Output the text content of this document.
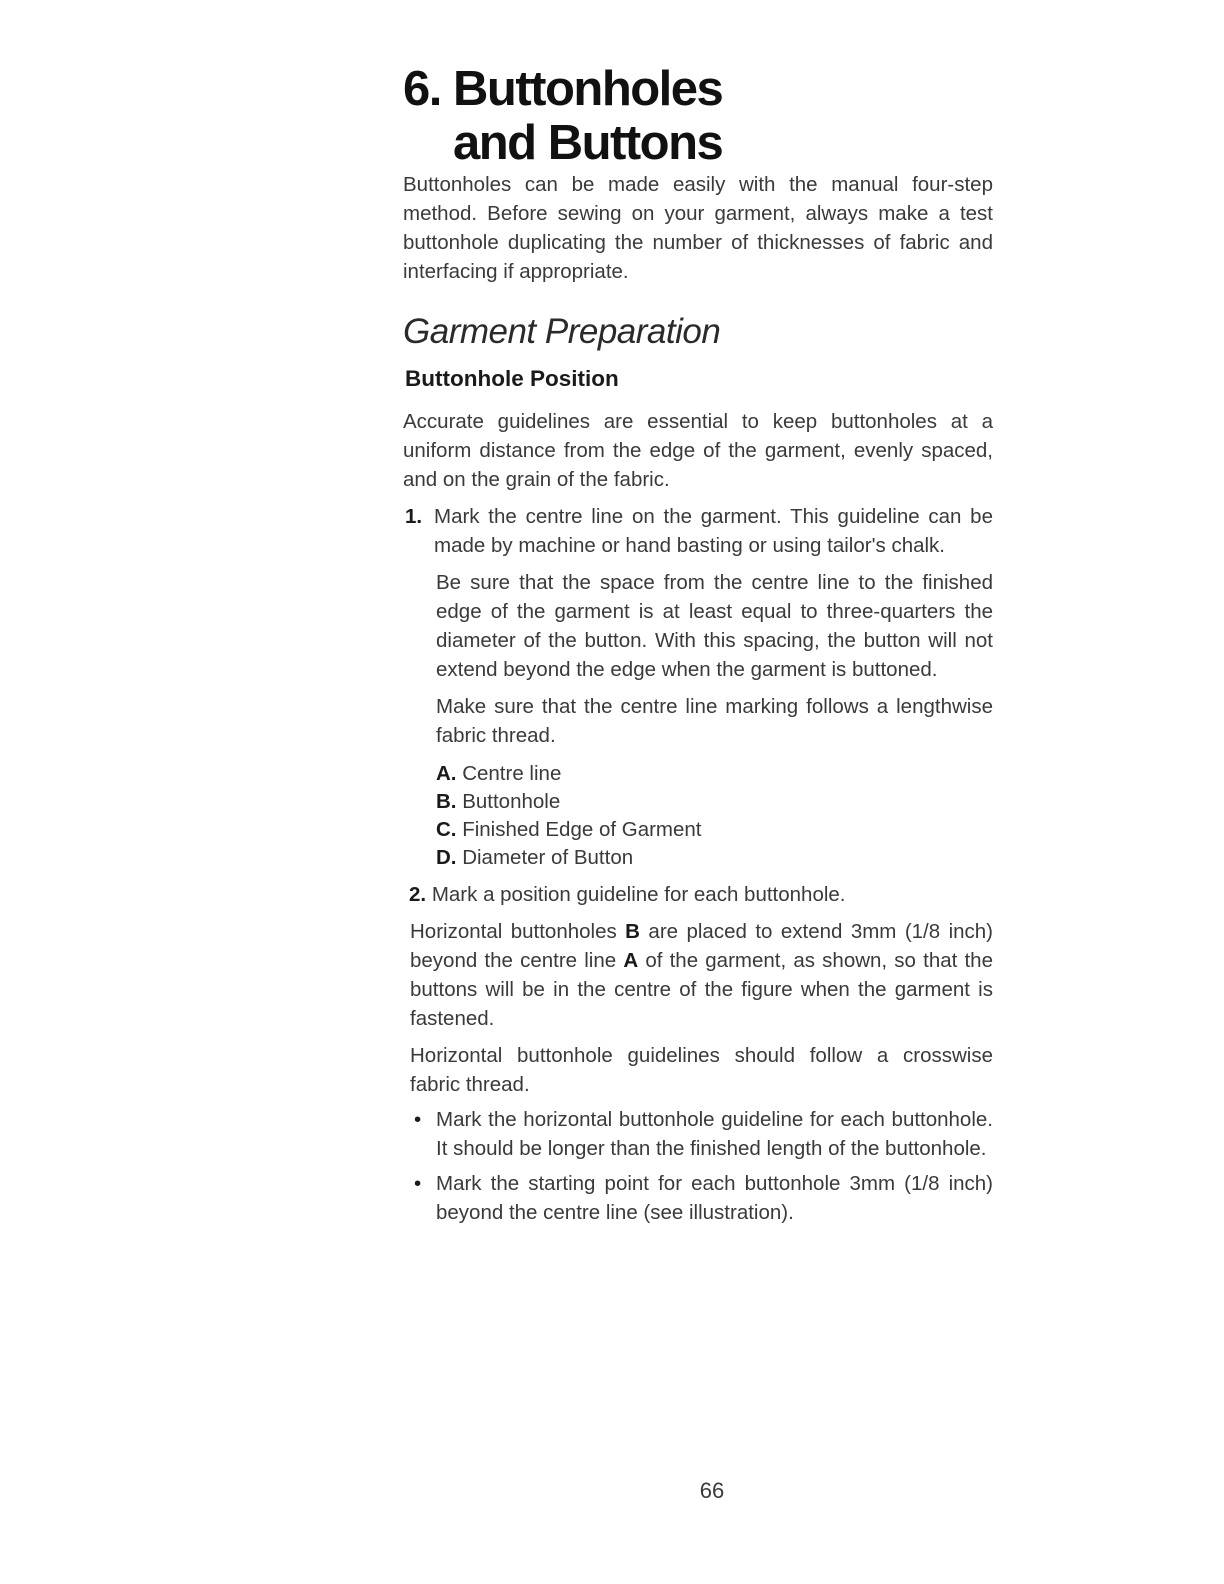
6. Buttonholes
and Buttons

Buttonholes can be made easily with the manual four-step method. Before sewing on your garment, always make a test buttonhole duplicating the number of thicknesses of fabric and interfacing if appropriate.

Garment Preparation
Buttonhole Position

Accurate guidelines are essential to keep buttonholes at a uniform distance from the edge of the garment, evenly spaced, and on the grain of the fabric.

1. Mark the centre line on the garment. This guideline can be made by machine or hand basting or using tailor's chalk.

Be sure that the space from the centre line to the finished edge of the garment is at least equal to three-quarters the diameter of the button. With this spacing, the button will not extend beyond the edge when the garment is buttoned.

Make sure that the centre line marking follows a lengthwise fabric thread.

A. Centre line
B. Buttonhole
C. Finished Edge of Garment
D. Diameter of Button

2. Mark a position guideline for each buttonhole.

Horizontal buttonholes B are placed to extend 3mm (1/8 inch) beyond the centre line A of the garment, as shown, so that the buttons will be in the centre of the figure when the garment is fastened.

Horizontal buttonhole guidelines should follow a crosswise fabric thread.

• Mark the horizontal buttonhole guideline for each buttonhole. It should be longer than the finished length of the buttonhole.
• Mark the starting point for each buttonhole 3mm (1/8 inch) beyond the centre line (see illustration).
66
